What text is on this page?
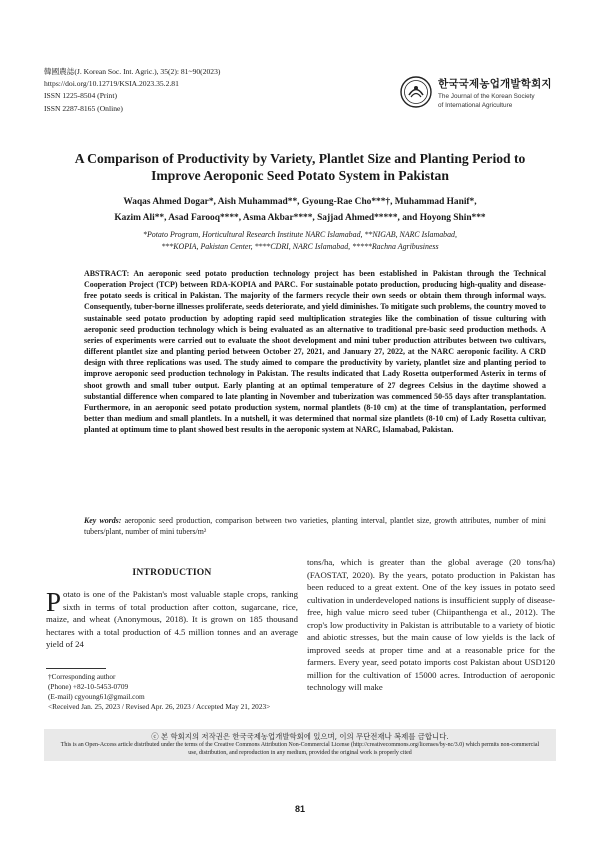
韓國農誌(J. Korean Soc. Int. Agric.), 35(2): 81~90(2023)
https://doi.org/10.12719/KSIA.2023.35.2.81
ISSN 1225-8504 (Print)
ISSN 2287-8165 (Online)
한국국제농업개발학회지
The Journal of the Korean Society
of International Agriculture
A Comparison of Productivity by Variety, Plantlet Size and Planting Period to
Improve Aeroponic Seed Potato System in Pakistan
Waqas Ahmed Dogar*, Aish Muhammad**, Gyoung-Rae Cho***†, Muhammad Hanif*,
Kazim Ali**, Asad Farooq****, Asma Akbar****, Sajjad Ahmed*****, and Hoyong Shin***
*Potato Program, Horticultural Research Institute NARC Islamabad, **NIGAB, NARC Islamabad,
***KOPIA, Pakistan Center, ****CDRI, NARC Islamabad, *****Rachna Agribusiness
ABSTRACT: An aeroponic seed potato production technology project has been established in Pakistan through the Technical Cooperation Project (TCP) between RDA-KOPIA and PARC. For sustainable potato production, producing high-quality and disease-free potato seeds is critical in Pakistan. The majority of the farmers recycle their own seeds or obtain them through informal ways. Consequently, tuber-borne illnesses proliferate, seeds deteriorate, and yield diminishes. To mitigate such problems, the country moved to sustainable seed potato production by adopting rapid seed multiplication strategies like the combination of tissue culturing with aeroponic seed production technology which is being evaluated as an alternative to traditional pre-basic seed production methods. A series of experiments were carried out to evaluate the shoot development and mini tuber production attributes between two cultivars, different plantlet size and planting period between October 27, 2021, and January 27, 2022, at the NARC aeroponic facility. A CRD design with three replications was used. The study aimed to compare the productivity by variety, plantlet size and planting period to improve aeroponic seed production technology in Pakistan. The results indicated that Lady Rosetta outperformed Asterix in terms of shoot growth and small tuber output. Early planting at an optimal temperature of 27 degrees Celsius in the daytime showed a substantial difference when compared to late planting in November and tuberization was commenced 50-55 days after transplantation. Furthermore, in an aeroponic seed potato production system, normal plantlets (8-10 cm) at the time of transplantation, performed better than medium and small plantlets. In a nutshell, it was determined that normal size plantlets (8-10 cm) of Lady Rosetta cultivar, planted at optimum time to plant showed best results in the aeroponic system at NARC, Islamabad, Pakistan.
Key words: aeroponic seed production, comparison between two varieties, planting interval, plantlet size, growth attributes, number of mini tubers/plant, number of mini tubers/m²
INTRODUCTION
Potato is one of the Pakistan's most valuable staple crops, ranking sixth in terms of total production after cotton, sugarcane, rice, maize, and wheat (Anonymous, 2018). It is grown on 185 thousand hectares with a total production of 4.5 million tonnes and an average yield of 24
tons/ha, which is greater than the global average (20 tons/ha) (FAOSTAT, 2020). By the years, potato production in Pakistan has been reduced to a great extent. One of the key issues in potato seed cultivation in underdeveloped nations is insufficient supply of disease-free, high value micro seed tuber (Chiipanthenga et al., 2012). The crop's low productivity in Pakistan is attributable to a variety of biotic and abiotic stresses, but the main cause of low yields is the lack of improved seeds at proper time and at a reasonable price for the farmers. Every year, seed potato imports cost Pakistan about USD120 million for the cultivation of 15000 acres. Introduction of aeroponic technology will make
†Corresponding author
(Phone) +82-10-5453-0709
(E-mail) cgyoung61@gmail.com
<Received Jan. 25, 2023 / Revised Apr. 26, 2023 / Accepted May 21, 2023>
ⓒ 본 학회지의 저작권은 한국국제농업개발학회에 있으며, 이의 무단전재나 복제를 금합니다.
This is an Open-Access article distributed under the terms of the Creative Commons Attribution Non-Commercial License (http://creativecommons.org/licenses/by-nc/3.0) which permits non-commercial use, distribution, and reproduction in any medium, provided the original work is properly cited
81
